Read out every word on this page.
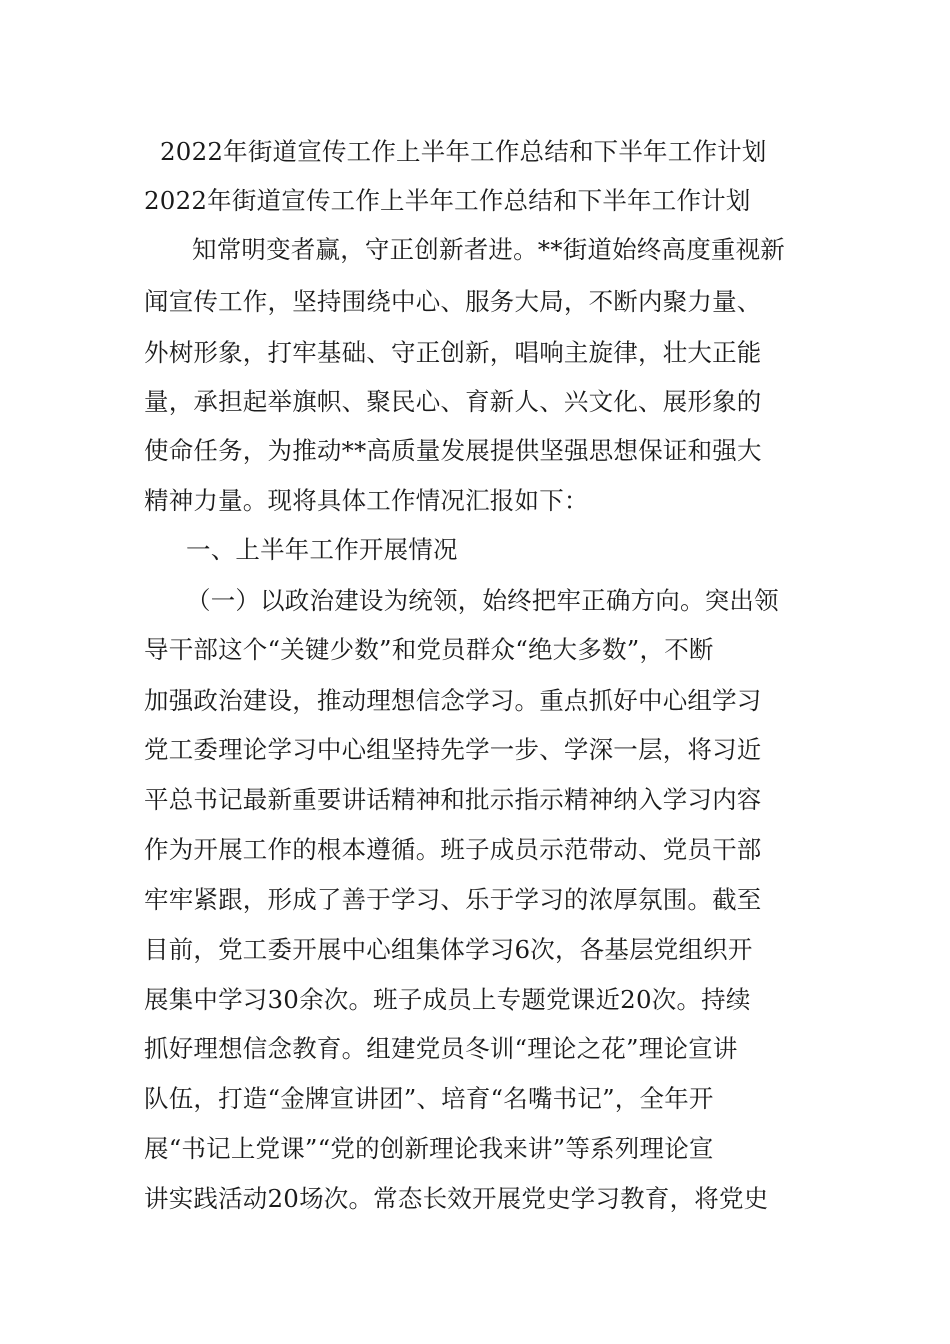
2022年街道宣传工作上半年工作总结和下半年工作计划
2022年街道宣传工作上半年工作总结和下半年工作计划
知常明变者赢，守正创新者进。**街道始终高度重视新
闻宣传工作，坚持围绕中心、服务大局，不断内聚力量、
外树形象，打牢基础、守正创新，唱响主旋律，壮大正能
量，承担起举旗帜、聚民心、育新人、兴文化、展形象的
使命任务，为推动**高质量发展提供坚强思想保证和强大
精神力量。现将具体工作情况汇报如下：
一、上半年工作开展情况
（一）以政治建设为统领，始终把牢正确方向。突出领
导干部这个“关键少数”和党员群众“绝大多数”，不断
加强政治建设，推动理想信念学习。重点抓好中心组学习
党工委理论学习中心组坚持先学一步、学深一层，将习近
平总书记最新重要讲话精神和批示指示精神纳入学习内容
作为开展工作的根本遵循。班子成员示范带动、党员干部
牢牢紧跟，形成了善于学习、乐于学习的浓厚氛围。截至
目前，党工委开展中心组集体学习6次，各基层党组织开
展集中学习30余次。班子成员上专题党课近20次。持续
抓好理想信念教育。组建党员冬训“理论之花”理论宣讲
队伍，打造“金牌宣讲团”、培育“名嘴书记”，全年开
展“书记上党课”“党的创新理论我来讲”等系列理论宣
讲实践活动20场次。常态长效开展党史学习教育，将党史
